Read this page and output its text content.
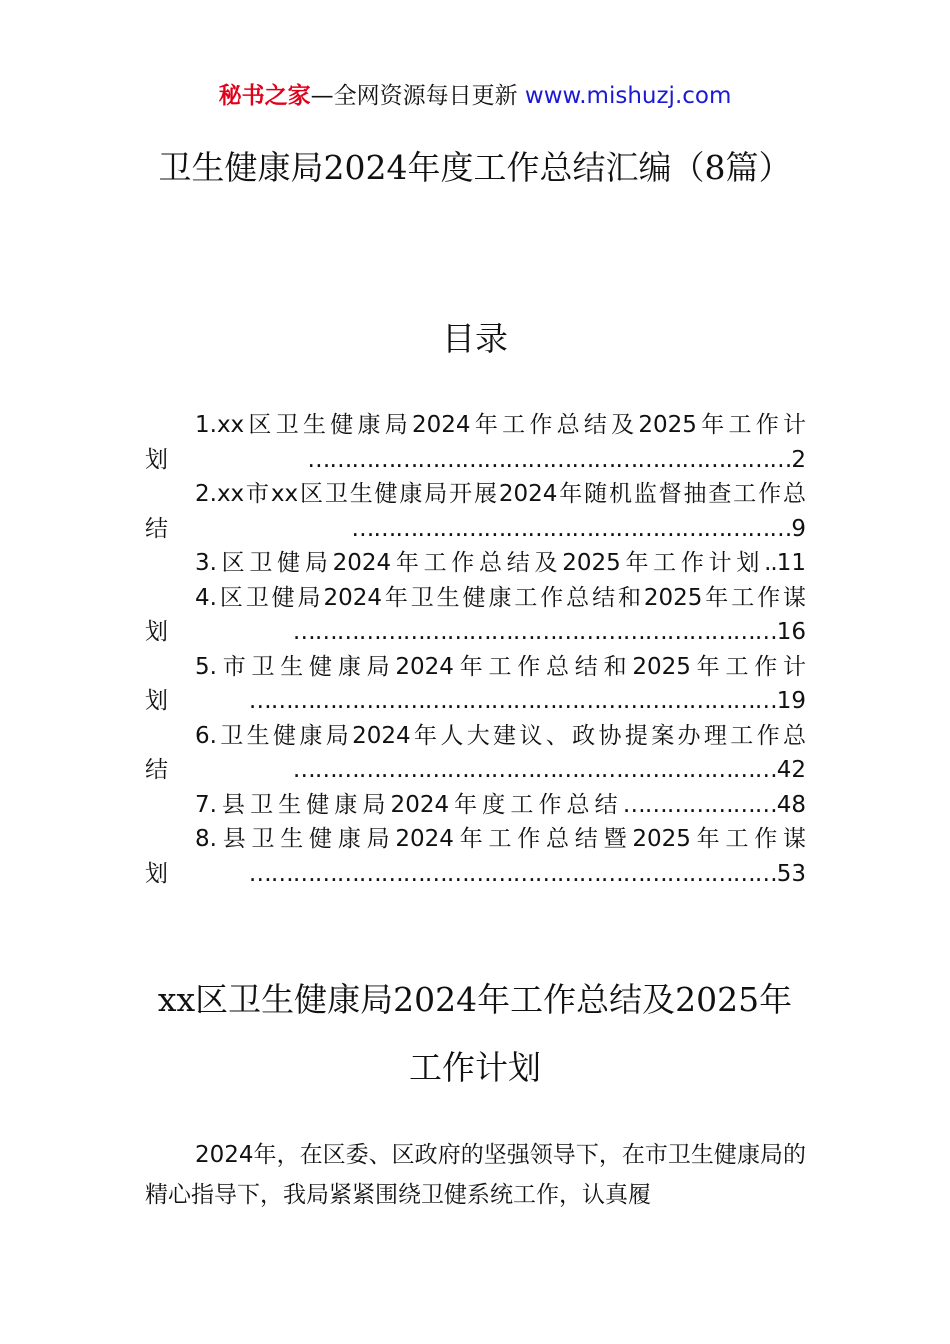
秘书之家—全网资源每日更新 www.mishuzj.com
卫生健康局2024年度工作总结汇编（8篇）
目录
1.xx区卫生健康局2024年工作总结及2025年工作计划…………………………………………………………2
2.xx市xx区卫生健康局开展2024年随机监督抽查工作总结……………………………………………………9
3.区卫健局2024年工作总结及2025年工作计划..11
4.区卫健局2024年卫生健康工作总结和2025年工作谋划…………………………………………………………16
5.市卫生健康局2024年工作总结和2025年工作计划………………………………………………………………19
6.卫生健康局2024年人大建议、政协提案办理工作总结…………………………………………………………42
7.县卫生健康局2024年度工作总结…………………48
8.县卫生健康局2024年工作总结暨2025年工作谋划………………………………………………………………53
xx区卫生健康局2024年工作总结及2025年工作计划

2024年，在区委、区政府的坚强领导下，在市卫生健康局的精心指导下，我局紧紧围绕卫健系统工作，认真履
